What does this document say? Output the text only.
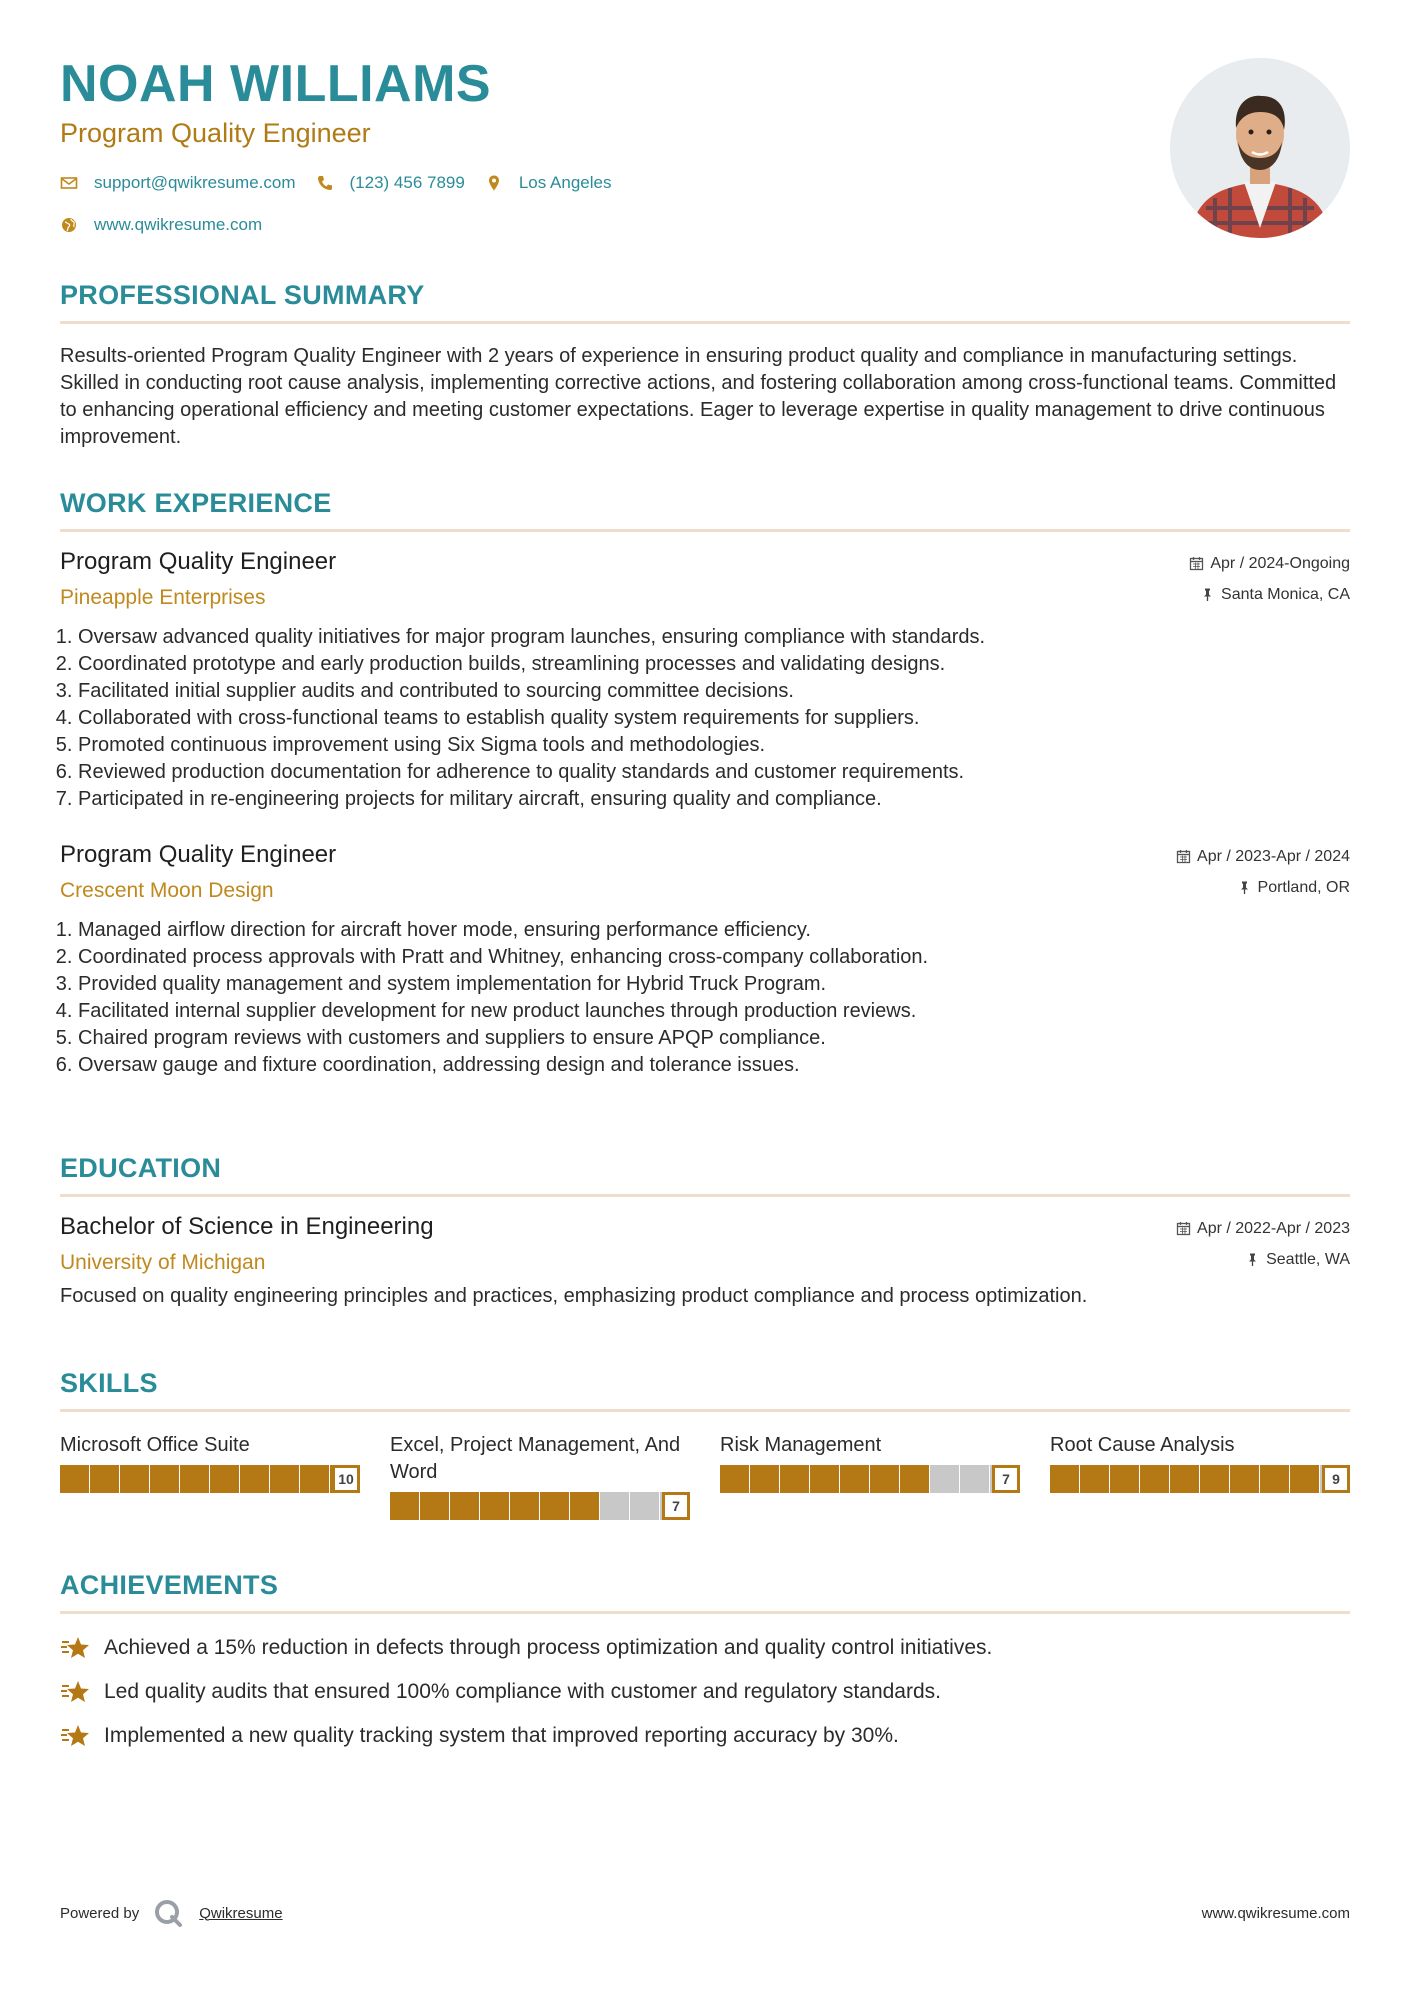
NOAH WILLIAMS
Program Quality Engineer
support@qwikresume.com	(123) 456 7899	Los Angeles
www.qwikresume.com
PROFESSIONAL SUMMARY
Results-oriented Program Quality Engineer with 2 years of experience in ensuring product quality and compliance in manufacturing settings. Skilled in conducting root cause analysis, implementing corrective actions, and fostering collaboration among cross-functional teams. Committed to enhancing operational efficiency and meeting customer expectations. Eager to leverage expertise in quality management to drive continuous improvement.
WORK EXPERIENCE
Program Quality Engineer
Pineapple Enterprises
Apr / 2024-Ongoing
Santa Monica, CA
1. Oversaw advanced quality initiatives for major program launches, ensuring compliance with standards.
2. Coordinated prototype and early production builds, streamlining processes and validating designs.
3. Facilitated initial supplier audits and contributed to sourcing committee decisions.
4. Collaborated with cross-functional teams to establish quality system requirements for suppliers.
5. Promoted continuous improvement using Six Sigma tools and methodologies.
6. Reviewed production documentation for adherence to quality standards and customer requirements.
7. Participated in re-engineering projects for military aircraft, ensuring quality and compliance.
Program Quality Engineer
Crescent Moon Design
Apr / 2023-Apr / 2024
Portland, OR
1. Managed airflow direction for aircraft hover mode, ensuring performance efficiency.
2. Coordinated process approvals with Pratt and Whitney, enhancing cross-company collaboration.
3. Provided quality management and system implementation for Hybrid Truck Program.
4. Facilitated internal supplier development for new product launches through production reviews.
5. Chaired program reviews with customers and suppliers to ensure APQP compliance.
6. Oversaw gauge and fixture coordination, addressing design and tolerance issues.
EDUCATION
Bachelor of Science in Engineering
University of Michigan
Apr / 2022-Apr / 2023
Seattle, WA
Focused on quality engineering principles and practices, emphasizing product compliance and process optimization.
SKILLS
Microsoft Office Suite
10
Excel, Project Management, And Word
7
Risk Management
7
Root Cause Analysis
9
ACHIEVEMENTS
Achieved a 15% reduction in defects through process optimization and quality control initiatives.
Led quality audits that ensured 100% compliance with customer and regulatory standards.
Implemented a new quality tracking system that improved reporting accuracy by 30%.
Powered by	Qwikresume	www.qwikresume.com
